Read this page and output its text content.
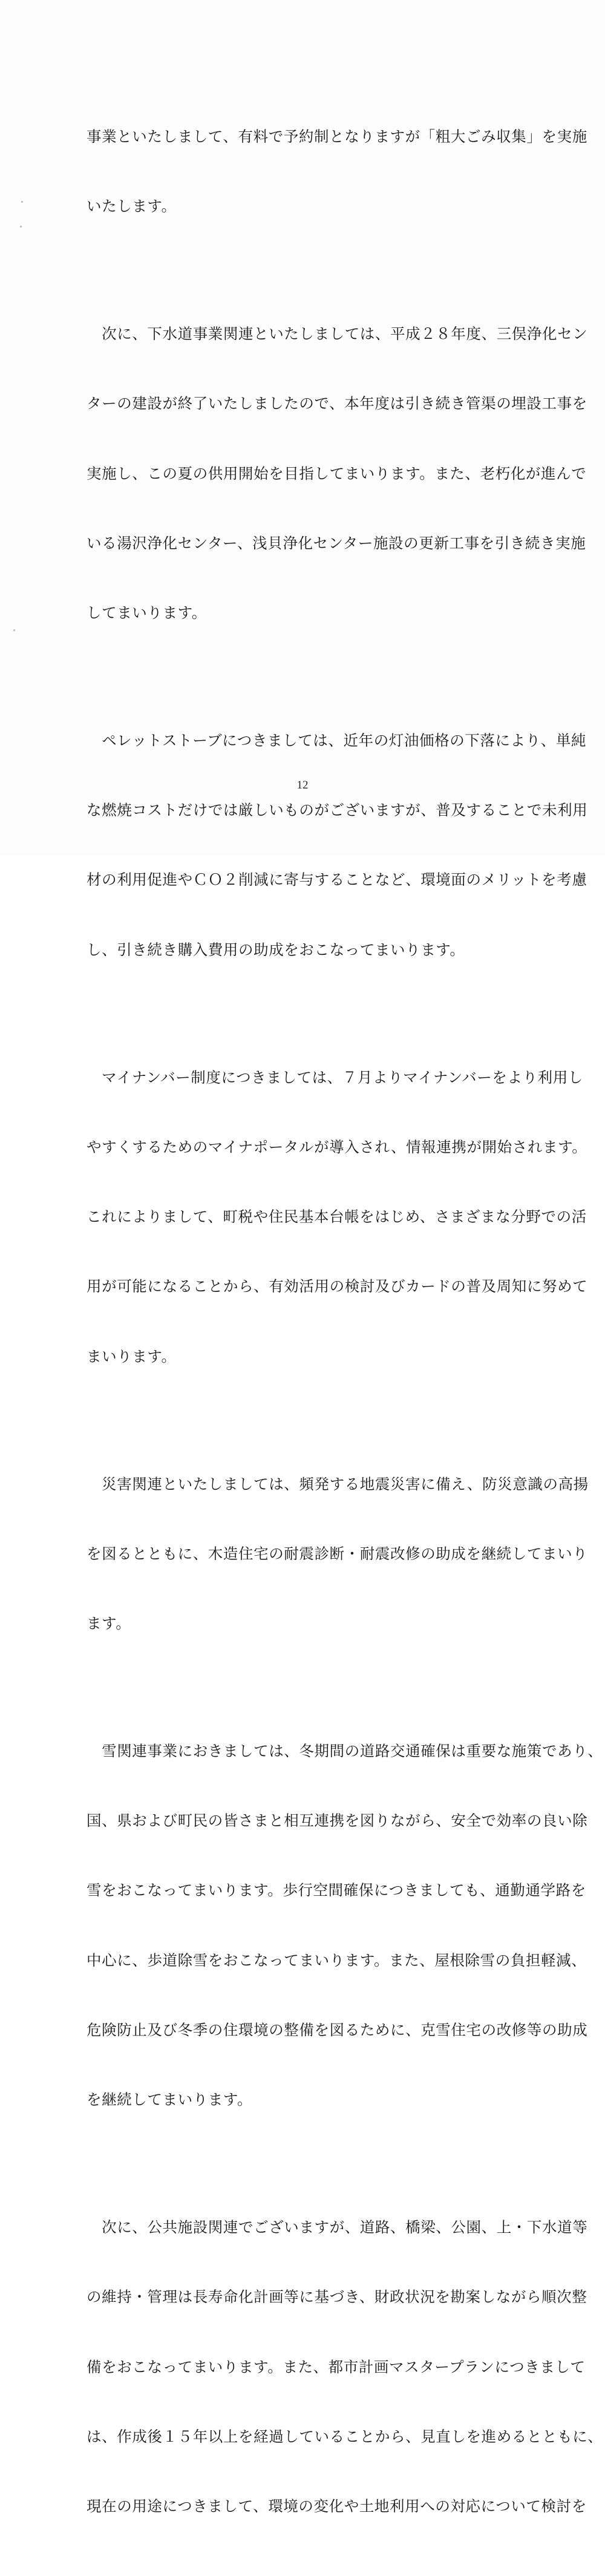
事業といたしまして、有料で予約制となりますが「粗大ごみ収集」を実施

いたします。

　次に、下水道事業関連といたしましては、平成２８年度、三俣浄化セン

ターの建設が終了いたしましたので、本年度は引き続き管渠の埋設工事を

実施し、この夏の供用開始を目指してまいります。また、老朽化が進んで

いる湯沢浄化センター、浅貝浄化センター施設の更新工事を引き続き実施

してまいります。

　ペレットストーブにつきましては、近年の灯油価格の下落により、単純

な燃焼コストだけでは厳しいものがございますが、普及することで未利用

材の利用促進やＣＯ２削減に寄与することなど、環境面のメリットを考慮

し、引き続き購入費用の助成をおこなってまいります。

　マイナンバー制度につきましては、７月よりマイナンバーをより利用し

やすくするためのマイナポータルが導入され、情報連携が開始されます。

これによりまして、町税や住民基本台帳をはじめ、さまざまな分野での活

用が可能になることから、有効活用の検討及びカードの普及周知に努めて

まいります。

　災害関連といたしましては、頻発する地震災害に備え、防災意識の高揚

を図るとともに、木造住宅の耐震診断・耐震改修の助成を継続してまいり

ます。

　雪関連事業におきましては、冬期間の道路交通確保は重要な施策であり、

国、県および町民の皆さまと相互連携を図りながら、安全で効率の良い除

雪をおこなってまいります。歩行空間確保につきましても、通勤通学路を

中心に、歩道除雪をおこなってまいります。また、屋根除雪の負担軽減、

危険防止及び冬季の住環境の整備を図るために、克雪住宅の改修等の助成

を継続してまいります。

　次に、公共施設関連でございますが、道路、橋梁、公園、上・下水道等

の維持・管理は長寿命化計画等に基づき、財政状況を勘案しながら順次整

備をおこなってまいります。また、都市計画マスタープランにつきまして

は、作成後１５年以上を経過していることから、見直しを進めるとともに、

現在の用途につきまして、環境の変化や土地利用への対応について検討を

12
